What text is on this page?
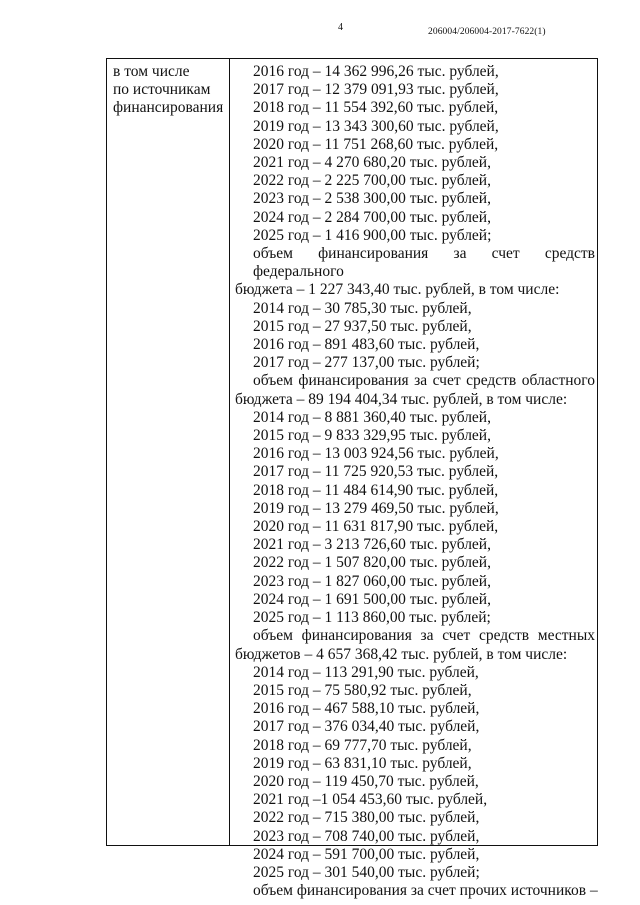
4	206004/206004-2017-7622(1)
в том числе
по источникам
финансирования
2016 год – 14 362 996,26 тыс. рублей,
2017 год – 12 379 091,93 тыс. рублей,
2018 год – 11 554 392,60 тыс. рублей,
2019 год – 13 343 300,60 тыс. рублей,
2020 год – 11 751 268,60 тыс. рублей,
2021 год – 4 270 680,20 тыс. рублей,
2022 год – 2 225 700,00 тыс. рублей,
2023 год – 2 538 300,00 тыс. рублей,
2024 год – 2 284 700,00 тыс. рублей,
2025 год – 1 416 900,00 тыс. рублей;
объем финансирования за счет средств федерального
бюджета – 1 227 343,40 тыс. рублей, в том числе:
2014 год – 30 785,30 тыс. рублей,
2015 год – 27 937,50 тыс. рублей,
2016 год – 891 483,60 тыс. рублей,
2017 год – 277 137,00 тыс. рублей;
объем финансирования за счет средств областного
бюджета – 89 194 404,34 тыс. рублей, в том числе:
2014 год – 8 881 360,40 тыс. рублей,
2015 год – 9 833 329,95 тыс. рублей,
2016 год – 13 003 924,56 тыс. рублей,
2017 год – 11 725 920,53 тыс. рублей,
2018 год – 11 484 614,90 тыс. рублей,
2019 год – 13 279 469,50 тыс. рублей,
2020 год – 11 631 817,90 тыс. рублей,
2021 год – 3 213 726,60 тыс. рублей,
2022 год – 1 507 820,00 тыс. рублей,
2023 год – 1 827 060,00 тыс. рублей,
2024 год – 1 691 500,00 тыс. рублей,
2025 год – 1 113 860,00 тыс. рублей;
объем финансирования за счет средств местных
бюджетов – 4 657 368,42 тыс. рублей, в том числе:
2014 год – 113 291,90 тыс. рублей,
2015 год – 75 580,92 тыс. рублей,
2016 год – 467 588,10 тыс. рублей,
2017 год – 376 034,40 тыс. рублей,
2018 год – 69 777,70 тыс. рублей,
2019 год – 63 831,10 тыс. рублей,
2020 год – 119 450,70 тыс. рублей,
2021 год –1 054 453,60 тыс. рублей,
2022 год – 715 380,00 тыс. рублей,
2023 год – 708 740,00 тыс. рублей,
2024 год – 591 700,00 тыс. рублей,
2025 год – 301 540,00 тыс. рублей;
объем финансирования за счет прочих источников –
